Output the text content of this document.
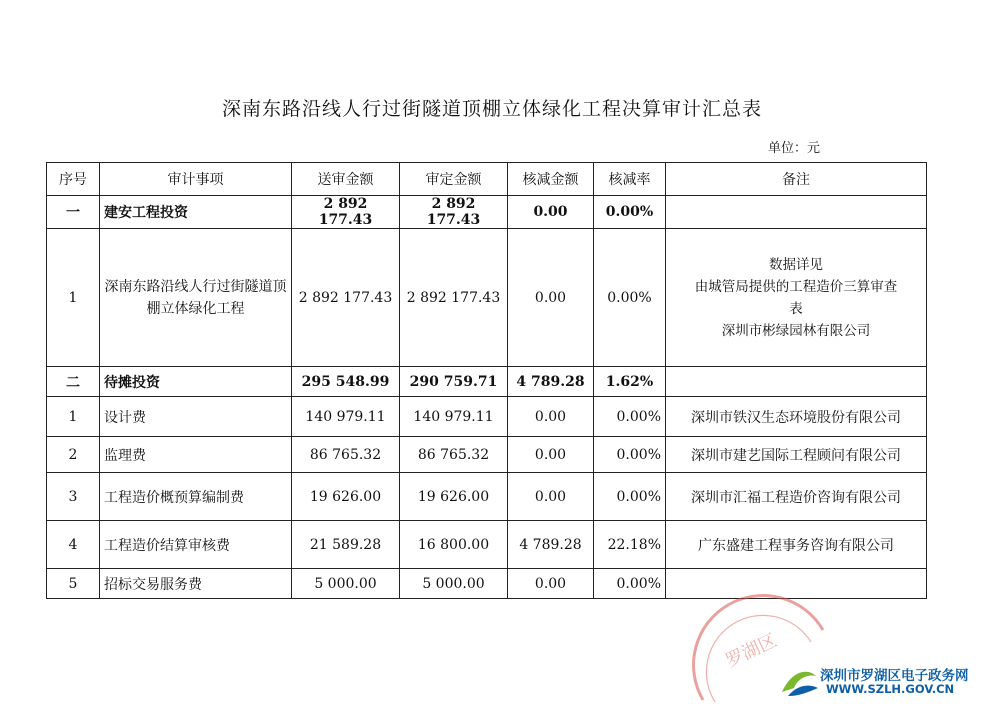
深南东路沿线人行过街隧道顶棚立体绿化工程决算审计汇总表
单位：元
序号	审计事项	送审金额	审定金额	核减金额	核减率	备注
一	建安工程投资	2 892 177.43	2 892 177.43	0.00	0.00%	
1	深南东路沿线人行过街隧道顶棚立体绿化工程	2 892 177.43	2 892 177.43	0.00	0.00%	数据详见
由城管局提供的工程造价三算审查
表
深圳市彬绿园林有限公司

二	待摊投资	295 548.99	290 759.71	4 789.28	1.62%	
1	设计费	140 979.11	140 979.11	0.00	0.00%	深圳市铁汉生态环境股份有限公司
2	监理费	86 765.32	86 765.32	0.00	0.00%	深圳市建艺国际工程顾问有限公司
3	工程造价概预算编制费	19 626.00	19 626.00	0.00	0.00%	深圳市汇福工程造价咨询有限公司
4	工程造价结算审核费	21 589.28	16 800.00	4 789.28	22.18%	广东盛建工程事务咨询有限公司
5	招标交易服务费	5 000.00	5 000.00	0.00	0.00%	
罗湖区
深圳市罗湖区电子政务网
WWW.SZLH.GOV.CN
